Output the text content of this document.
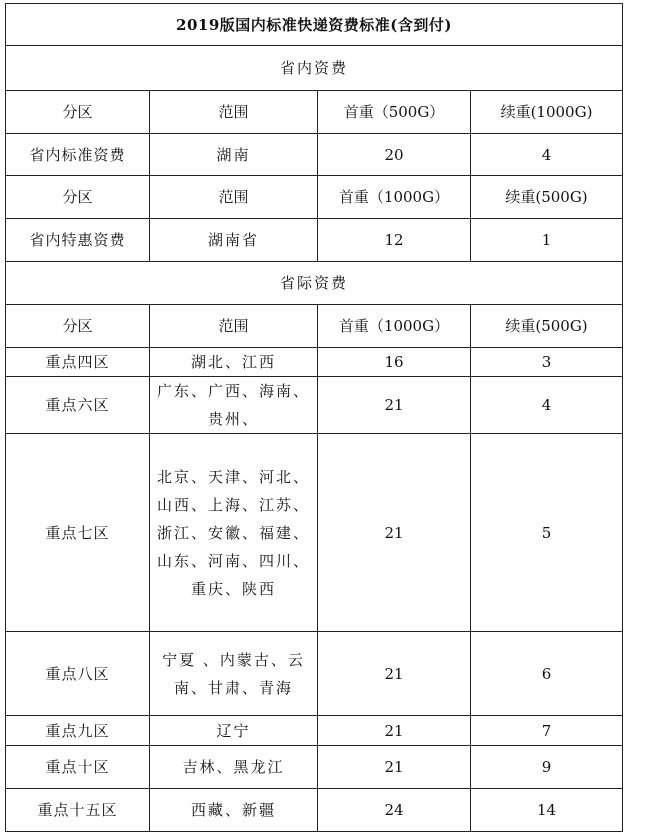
2019版国内标准快递资费标准(含到付)			
省内资费			
分区	范围	首重（500G）	续重(1000G)
省内标准资费	湖南	20	4
分区	范围	首重（1000G）	续重(500G)
省内特惠资费	湖南省	12	1
省际资费			
分区	范围	首重（1000G）	续重(500G)
重点四区	湖北、江西	16	3
重点六区	广东、广西、海南、贵州、	21	4
重点七区	北京、天津、河北、山西、上海、江苏、浙江、安徽、福建、山东、河南、四川、重庆、陕西	21	5
重点八区	宁夏 、内蒙古、云南、甘肃、青海	21	6
重点九区	辽宁	21	7
重点十区	吉林、黑龙江	21	9
重点十五区	西藏、新疆	24	14
